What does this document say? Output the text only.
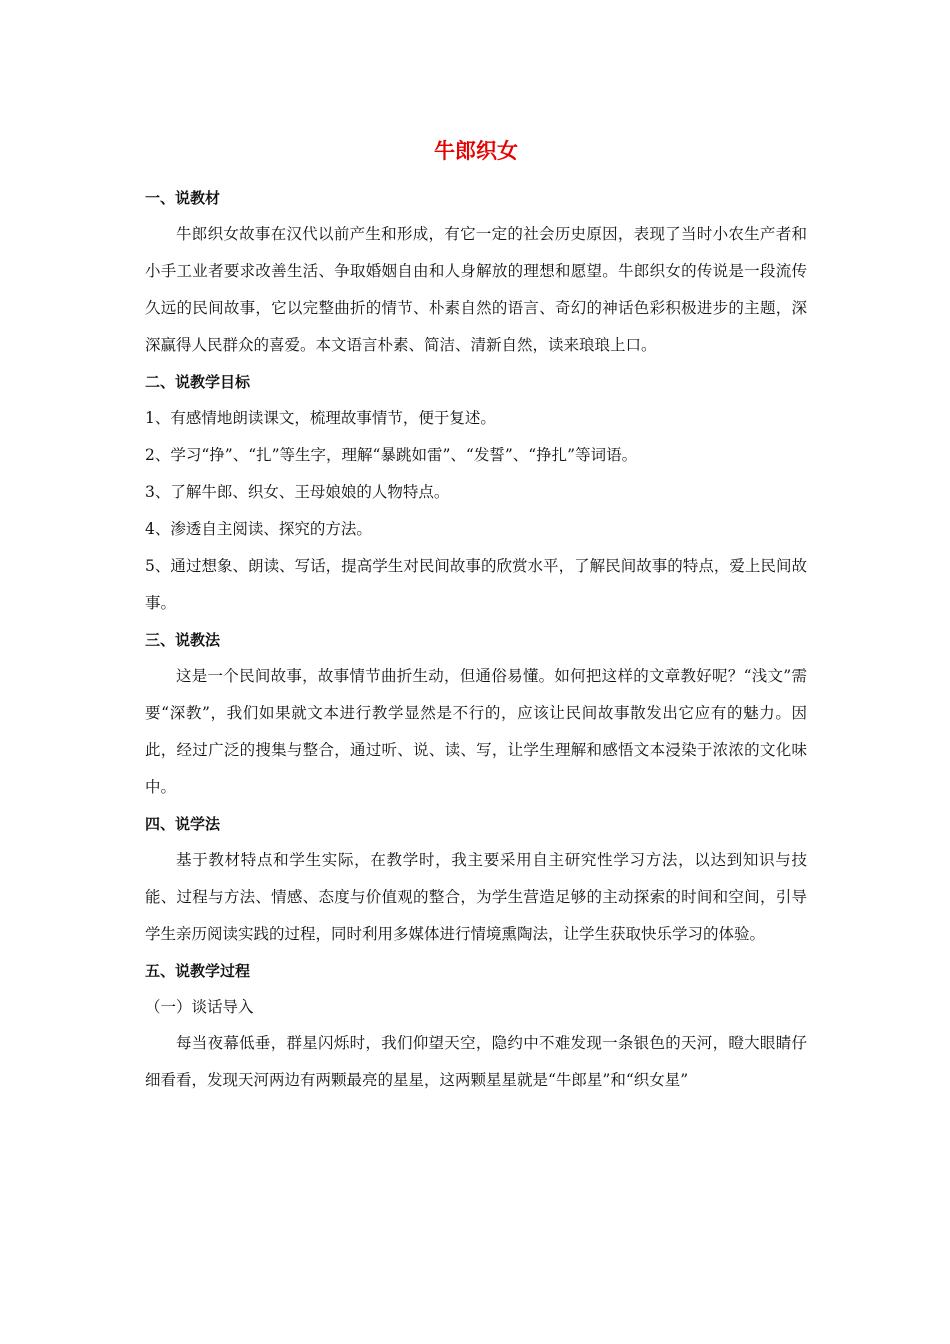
牛郎织女
一、说教材

牛郎织女故事在汉代以前产生和形成，有它一定的社会历史原因，表现了当时小农生产者和小手工业者要求改善生活、争取婚姻自由和人身解放的理想和愿望。牛郎织女的传说是一段流传久远的民间故事，它以完整曲折的情节、朴素自然的语言、奇幻的神话色彩积极进步的主题，深深赢得人民群众的喜爱。本文语言朴素、简洁、清新自然，读来琅琅上口。

二、说教学目标

1、有感情地朗读课文，梳理故事情节，便于复述。

2、学习“挣”、“扎”等生字，理解“暴跳如雷”、“发誓”、“挣扎”等词语。

3、了解牛郎、织女、王母娘娘的人物特点。

4、渗透自主阅读、探究的方法。

5、通过想象、朗读、写话，提高学生对民间故事的欣赏水平，了解民间故事的特点，爱上民间故事。

三、说教法

这是一个民间故事，故事情节曲折生动，但通俗易懂。如何把这样的文章教好呢？“浅文”需要“深教”，我们如果就文本进行教学显然是不行的，应该让民间故事散发出它应有的魅力。因此，经过广泛的搜集与整合，通过听、说、读、写，让学生理解和感悟文本浸染于浓浓的文化味中。

四、说学法

基于教材特点和学生实际，在教学时，我主要采用自主研究性学习方法，以达到知识与技能、过程与方法、情感、态度与价值观的整合，为学生营造足够的主动探索的时间和空间，引导学生亲历阅读实践的过程，同时利用多媒体进行情境熏陶法，让学生获取快乐学习的体验。

五、说教学过程

（一）谈话导入

每当夜幕低垂，群星闪烁时，我们仰望天空，隐约中不难发现一条银色的天河，瞪大眼睛仔细看看，发现天河两边有两颗最亮的星星，这两颗星星就是“牛郎星”和“织女星”
